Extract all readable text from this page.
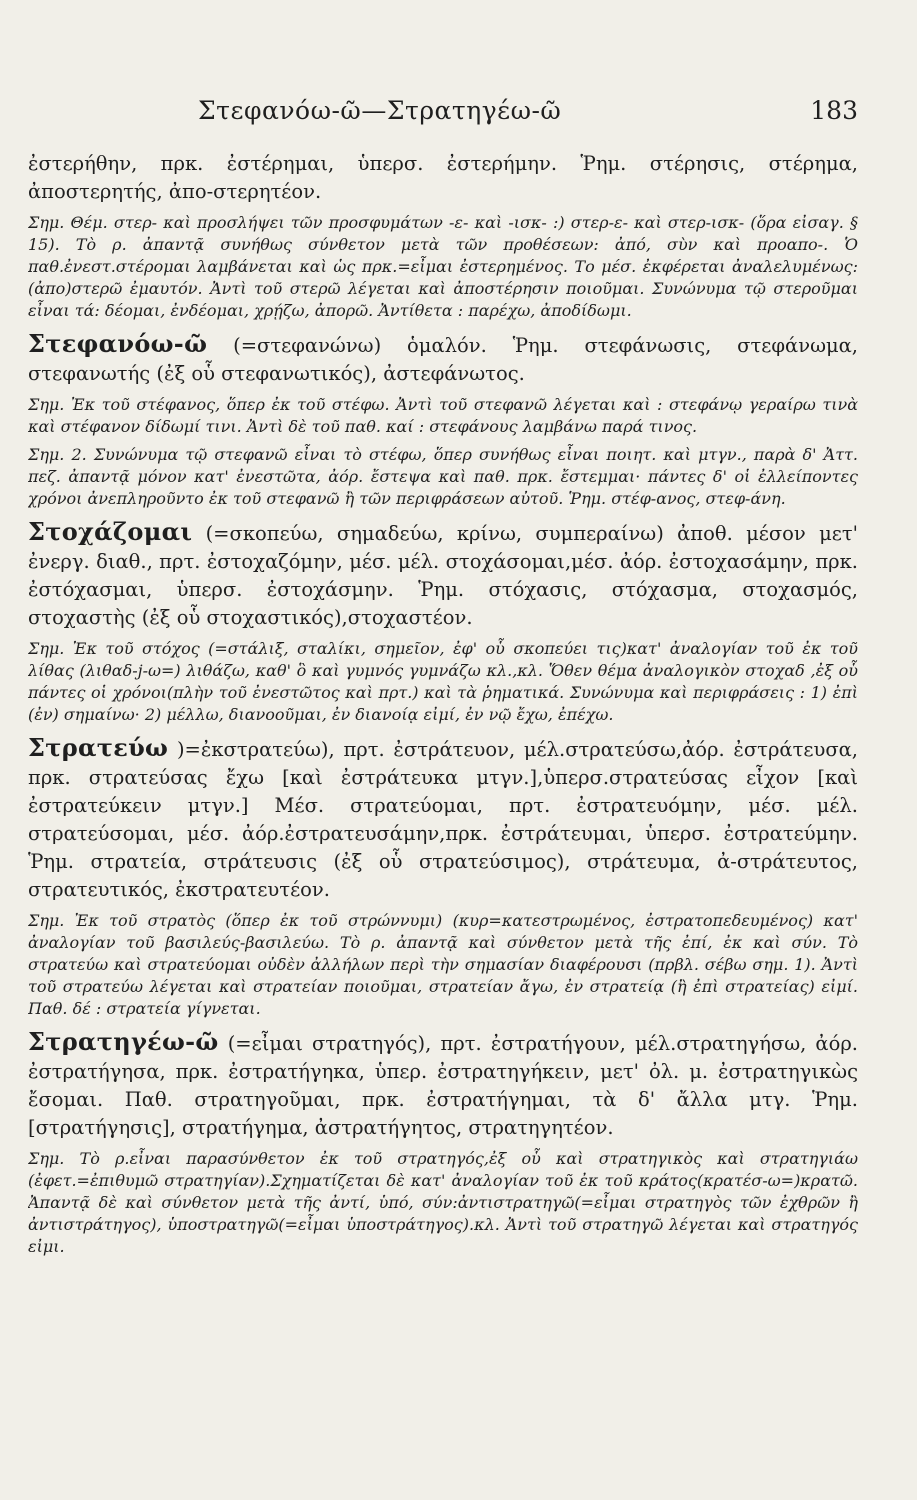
Στεφανόω-ῶ—Στρατηγέω-ῶ	183

ἐστερήθην, πρκ. ἐστέρημαι, ὑπερσ. ἐστερήμην. Ῥημ. στέρησις, στέρημα, ἀποστερητής, ἀπο-στερητέον.

Σημ. Θέμ. στερ- καὶ προσλήψει τῶν προσφυμάτων -ε- καὶ -ισκ- :) στερ-ε- καὶ στερ-ισκ- (ὅρα εἰσαγ. § 15). Τὸ ρ. ἀπαντᾷ συνήθως σύνθετον μετὰ τῶν προθέσεων: ἀπό, σὺν καὶ προαπο-. Ὁ παθ.ἐνεστ.στέρομαι λαμβάνεται καὶ ὡς πρκ.=εἶμαι ἐστερημένος. Το μέσ. ἐκφέρεται ἀναλελυμένως: (ἀπο)στερῶ ἐμαυτόν. Ἀντὶ τοῦ στερῶ λέγεται καὶ ἀποστέρησιν ποιοῦμαι. Συνώνυμα τῷ στεροῦμαι εἶναι τά: δέομαι, ἐνδέομαι, χρῄζω, ἀπορῶ. Ἀντίθετα : παρέχω, ἀποδίδωμι.

Στεφανόω-ῶ (=στεφανώνω) ὁμαλόν. Ῥημ. στεφάνωσις, στεφάνωμα, στεφανωτής (ἐξ οὗ στεφανωτικός), ἀστεφάνωτος.

Σημ. Ἐκ τοῦ στέφανος, ὅπερ ἐκ τοῦ στέφω. Ἀντὶ τοῦ στεφανῶ λέγεται καὶ : στεφάνῳ γεραίρω τινὰ καὶ στέφανον δίδωμί τινι. Ἀντὶ δὲ τοῦ παθ. καί : στεφάνους λαμβάνω παρά τινος.

Σημ. 2. Συνώνυμα τῷ στεφανῶ εἶναι τὸ στέφω, ὅπερ συνήθως εἶναι ποιητ. καὶ μτγν., παρὰ δ' Ἀττ. πεζ. ἀπαντᾷ μόνον κατ' ἐνεστῶτα, ἀόρ. ἔστεψα καὶ παθ. πρκ. ἔστεμμαι· πάντες δ' οἱ ἐλλείποντες χρόνοι ἀνεπληροῦντο ἐκ τοῦ στεφανῶ ἢ τῶν περιφράσεων αὐτοῦ. Ῥημ. στέφ-ανος, στεφ-άνη.

Στοχάζομαι (=σκοπεύω, σημαδεύω, κρίνω, συμπεραίνω) ἀποθ. μέσον μετ' ἐνεργ. διαθ., πρτ. ἐστοχαζόμην, μέσ. μέλ. στοχάσομαι,μέσ. ἀόρ. ἐστοχασάμην, πρκ. ἐστόχασμαι, ὑπερσ. ἐστοχάσμην. Ῥημ. στόχασις, στόχασμα, στοχασμός, στοχαστὴς (ἐξ οὗ στοχαστικός),στοχαστέον.

Σημ. Ἐκ τοῦ στόχος (=στάλιξ, σταλίκι, σημεῖον, ἐφ' οὗ σκοπεύει τις)κατ' ἀναλογίαν τοῦ ἐκ τοῦ λίθας (λιθαδ-j-ω=) λιθάζω, καθ' ὃ καὶ γυμνός γυμνάζω κλ.,κλ. Ὅθεν θέμα ἀναλογικὸν στοχαδ ,ἐξ οὗ πάντες οἱ χρόνοι(πλὴν τοῦ ἐνεστῶτος καὶ πρτ.) καὶ τὰ ῥηματικά. Συνώνυμα καὶ περιφράσεις : 1) ἐπὶ (ἐν) σημαίνω· 2) μέλλω, διανοοῦμαι, ἐν διανοίᾳ εἰμί, ἐν νῷ ἔχω, ἐπέχω.

Στρατεύω )=ἐκστρατεύω), πρτ. ἐστράτευον, μέλ.στρατεύσω,ἀόρ. ἐστράτευσα, πρκ. στρατεύσας ἔχω [καὶ ἐστράτευκα μτγν.],ὑπερσ.στρατεύσας εἶχον [καὶ ἐστρατεύκειν μτγν.] Μέσ. στρατεύομαι, πρτ. ἐστρατευόμην, μέσ. μέλ. στρατεύσομαι, μέσ. ἀόρ.ἐστρατευσάμην,πρκ. ἐστράτευμαι, ὑπερσ. ἐστρατεύμην. Ῥημ. στρατεία, στράτευσις (ἐξ οὗ στρατεύσιμος), στράτευμα, ἀ-στράτευτος, στρατευτικός, ἐκστρατευτέον.

Σημ. Ἐκ τοῦ στρατὸς (ὅπερ ἐκ τοῦ στρώννυμι) (κυρ=κατεστρωμένος, ἐστρατοπεδευμένος) κατ' ἀναλογίαν τοῦ βασιλεύς-βασιλεύω. Τὸ ρ. ἀπαντᾷ καὶ σύνθετον μετὰ τῆς ἐπί, ἐκ καὶ σύν. Τὸ στρατεύω καὶ στρατεύομαι οὐδὲν ἀλλήλων περὶ τὴν σημασίαν διαφέρουσι (πρβλ. σέβω σημ. 1). Ἀντὶ τοῦ στρατεύω λέγεται καὶ στρατείαν ποιοῦμαι, στρατείαν ἄγω, ἐν στρατείᾳ (ἢ ἐπὶ στρατείας) εἰμί. Παθ. δέ : στρατεία γίγνεται.

Στρατηγέω-ῶ (=εἶμαι στρατηγός), πρτ. ἐστρατήγουν, μέλ.στρατηγήσω, ἀόρ. ἐστρατήγησα, πρκ. ἐστρατήγηκα, ὑπερ. ἐστρατηγήκειν, μετ' ὀλ. μ. ἐστρατηγικὼς ἔσομαι. Παθ. στρατηγοῦμαι, πρκ. ἐστρατήγημαι, τὰ δ' ἄλλα μτγ. Ῥημ. [στρατήγησις], στρατήγημα, ἀστρατήγητος, στρατηγητέον.

Σημ. Τὸ ρ.εἶναι παρασύνθετον ἐκ τοῦ στρατηγός,ἐξ οὗ καὶ στρατηγικὸς καὶ στρατηγιάω (ἐφετ.=ἐπιθυμῶ στρατηγίαν).Σχηματίζεται δὲ κατ' ἀναλογίαν τοῦ ἐκ τοῦ κράτος(κρατέσ-ω=)κρατῶ. Ἀπαντᾷ δὲ καὶ σύνθετον μετὰ τῆς ἀντί, ὑπό, σύν:ἀντιστρατηγῶ(=εἶμαι στρατηγὸς τῶν ἐχθρῶν ἢ ἀντιστράτηγος), ὑποστρατηγῶ(=εἶμαι ὑποστράτηγος).κλ. Ἀντὶ τοῦ στρατηγῶ λέγεται καὶ στρατηγός εἰμι.
